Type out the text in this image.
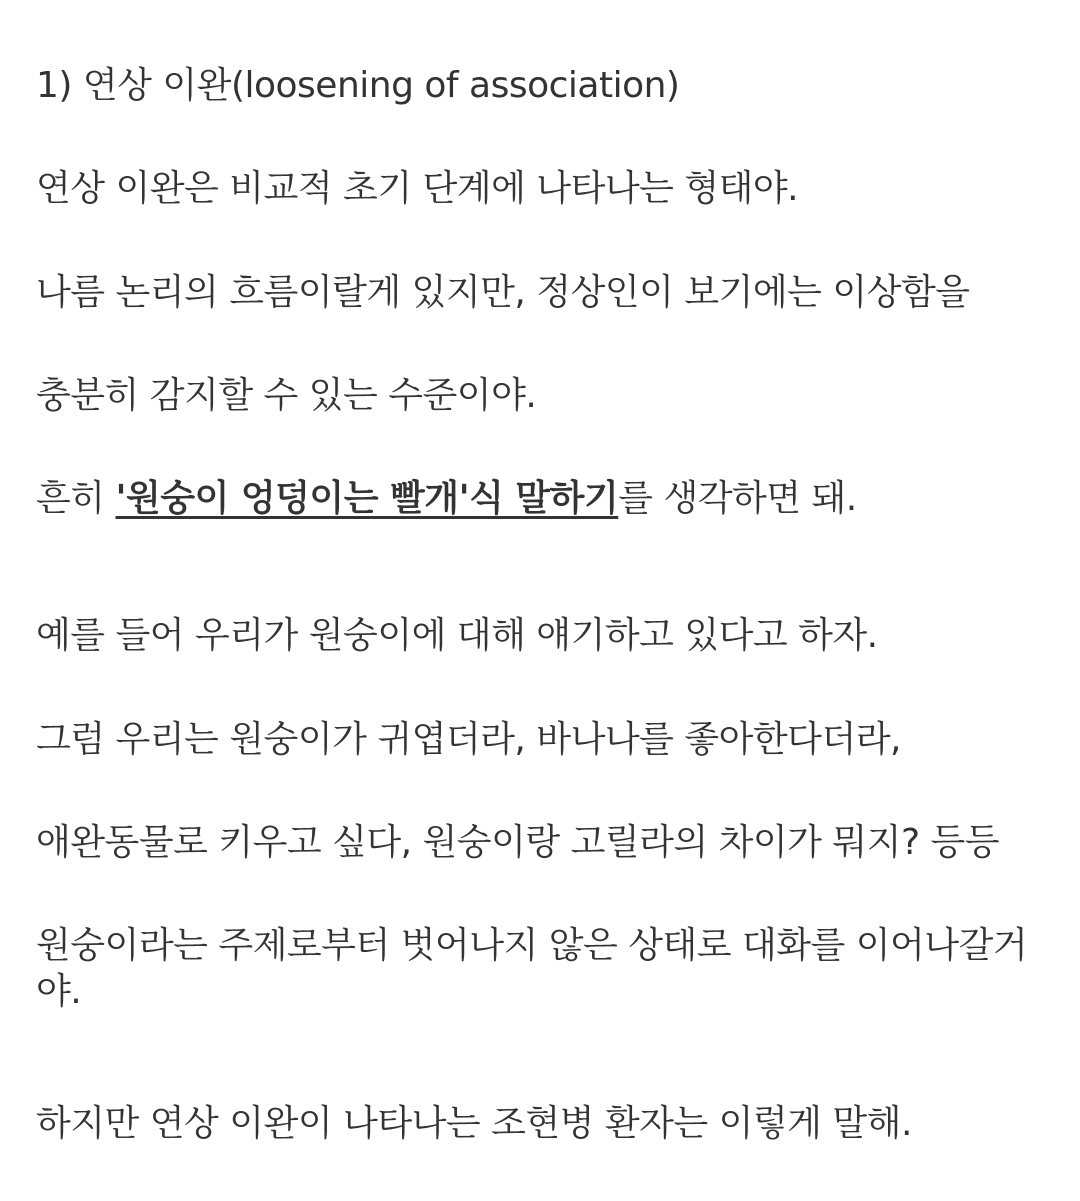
1) 연상 이완(loosening of association)

연상 이완은 비교적 초기 단계에 나타나는 형태야.

나름 논리의 흐름이랄게 있지만, 정상인이 보기에는 이상함을

충분히 감지할 수 있는 수준이야.

흔히 '원숭이 엉덩이는 빨개'식 말하기를 생각하면 돼.

예를 들어 우리가 원숭이에 대해 얘기하고 있다고 하자.

그럼 우리는 원숭이가 귀엽더라, 바나나를 좋아한다더라,

애완동물로 키우고 싶다, 원숭이랑 고릴라의 차이가 뭐지? 등등

원숭이라는 주제로부터 벗어나지 않은 상태로 대화를 이어나갈거야.

하지만 연상 이완이 나타나는 조현병 환자는 이렇게 말해.
